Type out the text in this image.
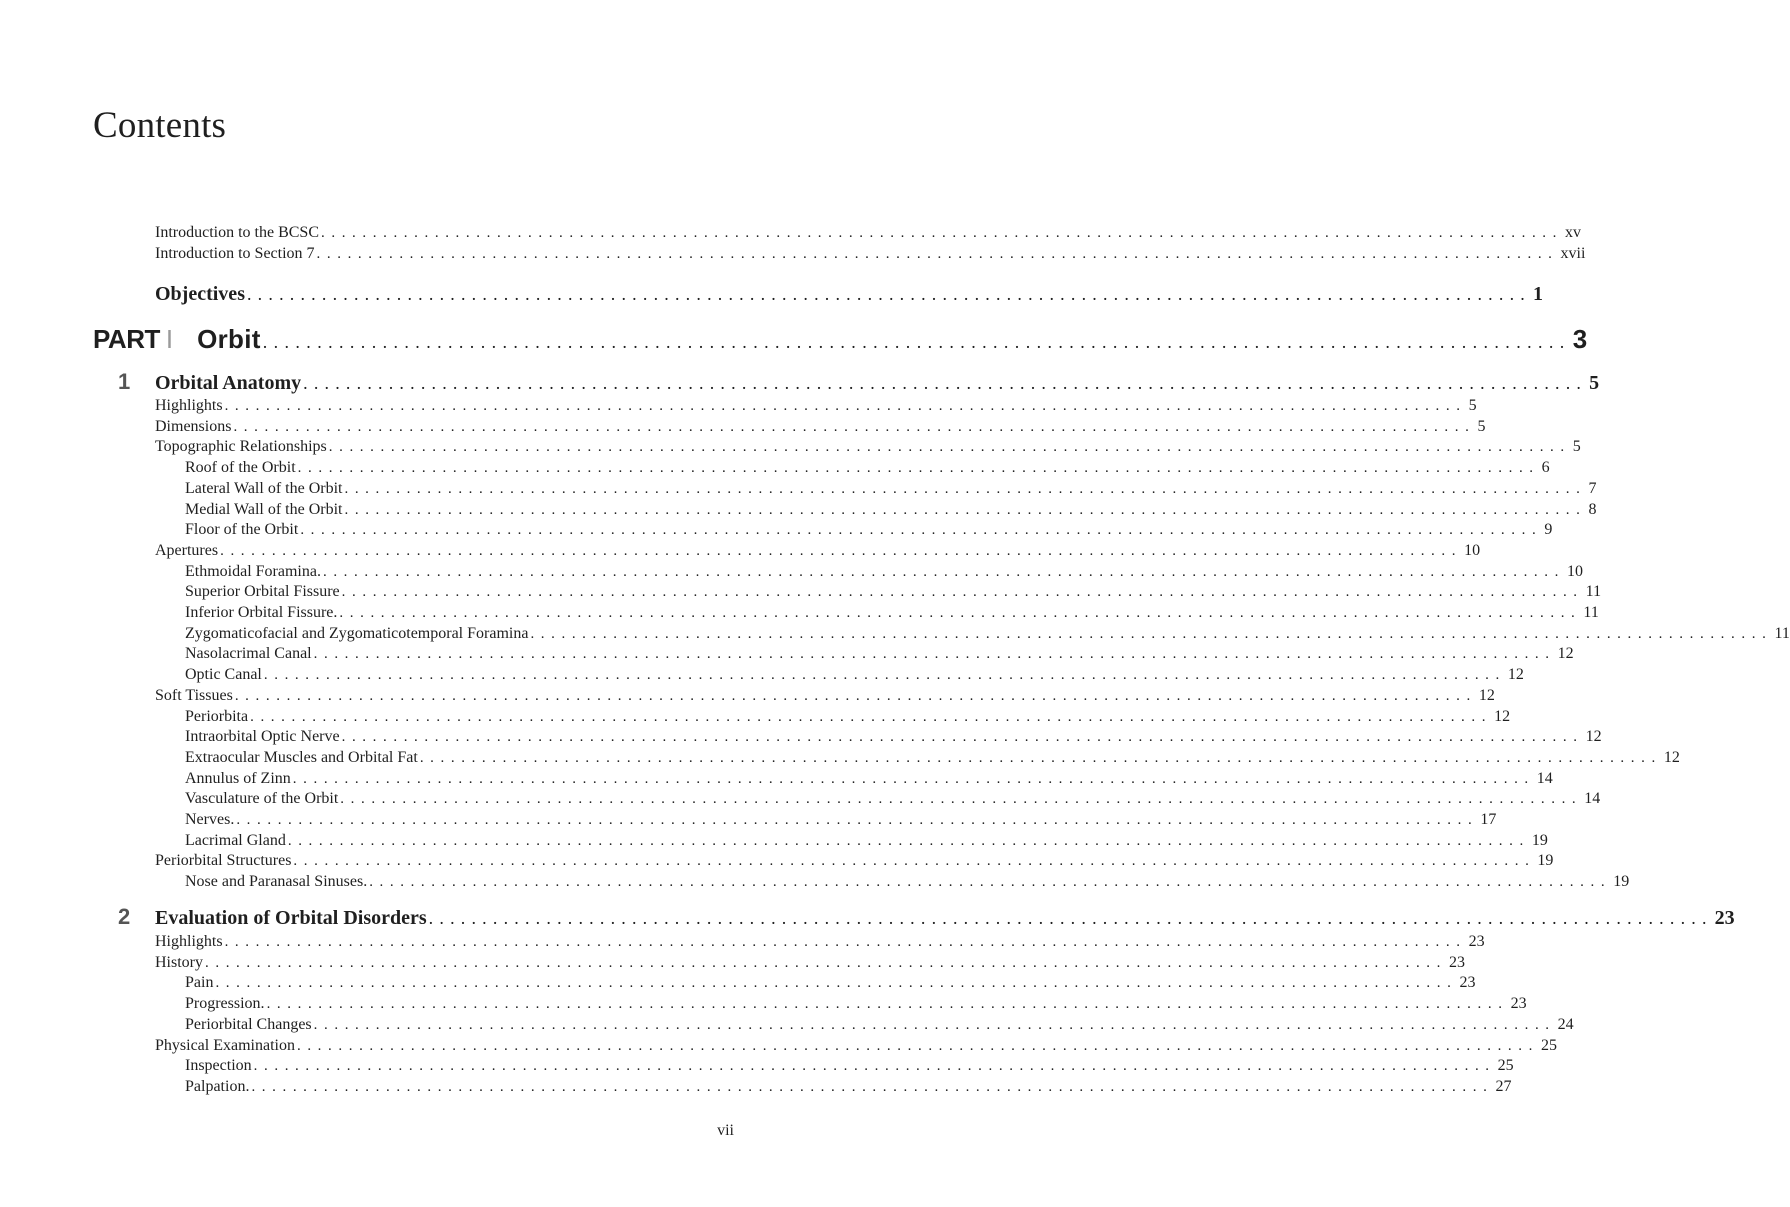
Contents
Introduction to the BCSC ........................................................................................................................ xv
Introduction to Section 7 ........................................................................................................................ xvii
Objectives ........................................................................................................................ 1
PART I Orbit ........................................................................................................................ 3
1 Orbital Anatomy ........................................................................................................................ 5
Highlights ........................................................................................................................ 5
Dimensions ........................................................................................................................ 5
Topographic Relationships ........................................................................................................................ 5
Roof of the Orbit ........................................................................................................................ 6
Lateral Wall of the Orbit ........................................................................................................................ 7
Medial Wall of the Orbit ........................................................................................................................ 8
Floor of the Orbit ........................................................................................................................ 9
Apertures ........................................................................................................................ 10
Ethmoidal Foramina. ........................................................................................................................ 10
Superior Orbital Fissure ........................................................................................................................ 11
Inferior Orbital Fissure. ........................................................................................................................ 11
Zygomaticofacial and Zygomaticotemporal Foramina ........................................................................................................................ 11
Nasolacrimal Canal ........................................................................................................................ 12
Optic Canal ........................................................................................................................ 12
Soft Tissues ........................................................................................................................ 12
Periorbita ........................................................................................................................ 12
Intraorbital Optic Nerve ........................................................................................................................ 12
Extraocular Muscles and Orbital Fat ........................................................................................................................ 12
Annulus of Zinn ........................................................................................................................ 14
Vasculature of the Orbit ........................................................................................................................ 14
Nerves. ........................................................................................................................ 17
Lacrimal Gland ........................................................................................................................ 19
Periorbital Structures ........................................................................................................................ 19
Nose and Paranasal Sinuses. ........................................................................................................................ 19
2 Evaluation of Orbital Disorders ........................................................................................................................ 23
Highlights ........................................................................................................................ 23
History ........................................................................................................................ 23
Pain ........................................................................................................................ 23
Progression. ........................................................................................................................ 23
Periorbital Changes ........................................................................................................................ 24
Physical Examination ........................................................................................................................ 25
Inspection ........................................................................................................................ 25
Palpation. ........................................................................................................................ 27
vii
